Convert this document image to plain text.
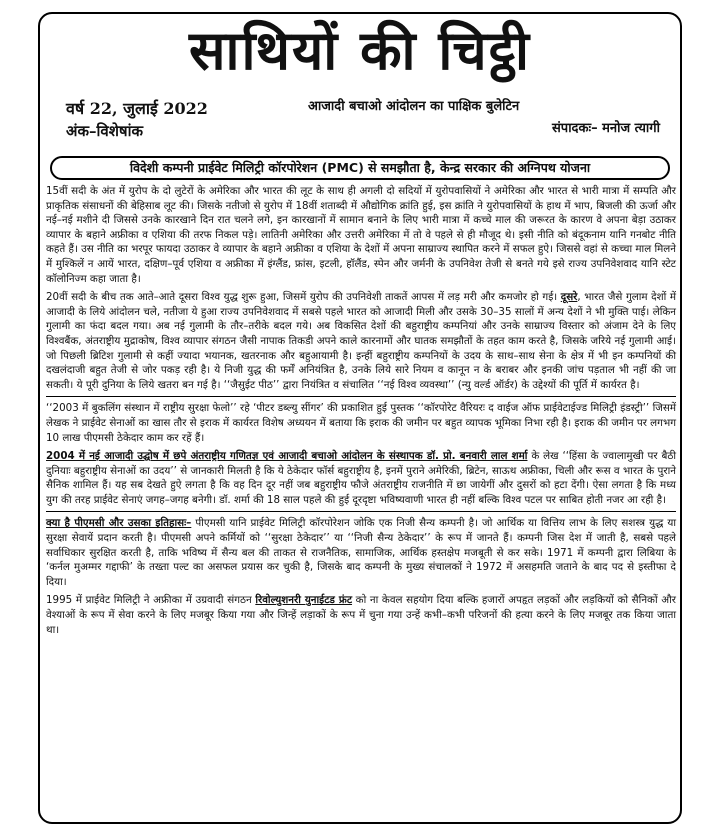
साथियों की चिट्ठी
वर्ष 22, जुलाई 2022
अंक–विशेषांक
आजादी बचाओ आंदोलन का पाक्षिक बुलेटिन
संपादकः– मनोज त्यागी
विदेशी कम्पनी प्राईवेट मिलिट्री कॉरपोरेशन (PMC) से समझौता है, केन्द्र सरकार की अग्निपथ योजना

15वीं सदी के अंत में युरोप के दो लुटेरों के अमेरिका और भारत की लूट के साथ ही अगली दो सदियों में युरोपवासियों ने अमेरिका और भारत से भारी मात्रा में सम्पति और प्राकृतिक संसाधनों की बेहिसाब लूट की। जिसके नतीजो से युरोप में 18वीं शताब्दी में औद्योगिक क्रांति हुई, इस क्रांति ने युरोपवासियों के हाथ में भाप, बिजली की ऊर्जा और नई–नई मशीने दी जिससे उनके कारखाने दिन रात चलने लगे, इन कारखानों में सामान बनाने के लिए भारी मात्रा में कच्चे माल की जरूरत के कारण वे अपना बेड़ा उठाकर व्यापार के बहाने अफ्रीका व एशिया की तरफ निकल पड़े। लातिनी अमेरिका और उत्तरी अमेरिका में तो वे पहले से ही मौजूद थे। इसी नीति को बंदूकनाम यानि गनबोट नीति कहते हैं। उस नीति का भरपूर फायदा उठाकर वे व्यापार के बहाने अफ्रीका व एशिया के देशों में अपना साम्राज्य स्थापित करने में सफल हुऐ। जिससे वहां से कच्चा माल मिलने में मुश्किलें न आयें भारत, दक्षिण–पूर्व एशिया व अफ्रीका में इंग्लैंड, फ्रांस, इटली, हॉलैंड, स्पेन और जर्मनी के उपनिवेश तेजी से बनते गये इसे राज्य उपनिवेशवाद यानि स्टेट कॉलोनिज्म कहा जाता है।

20वीं सदी के बीच तक आते–आते दूसरा विश्व युद्ध शुरू हुआ, जिसमें युरोप की उपनिवेशी ताकतें आपस में लड़ मरी और कमजोर हो गई। दूसरे, भारत जैसे गुलाम देशों में आजादी के लिये आंदोलन चले, नतीजा ये हुआ राज्य उपनिवेशवाद में सबसे पहले भारत को आजादी मिली और उसके 30–35 सालों में अन्य देशों ने भी मुक्ति पाई। लेकिन गुलामी का फंदा बदल गया। अब नई गुलामी के तौर–तरीके बदल गये। अब विकसित देशों की बहुराष्ट्रीय कम्पनियां और उनके साम्राज्य विस्तार को अंजाम देने के लिए विश्वबैंक, अंतराष्ट्रीय मुद्राकोष, विश्व व्यापार संगठन जैसी नापाक तिकडी अपने काले कारनामों और घातक समझौतों के तहत काम करते है, जिसके जरिये नई गुलामी आई। जो पिछली ब्रिटिश गुलामी से कहीं ज्यादा भयानक, खतरनाक और बहुआयामी है। इन्हीं बहुराष्ट्रीय कम्पनियों के उदय के साथ–साथ सेना के क्षेत्र में भी इन कम्पनियों की दखलंदाजी बहुत तेजी से जोर पकड़ रही है। ये निजी युद्ध की फर्में अनियंत्रित है, उनके लिये सारे नियम व कानून न के बराबर और इनकी जांच पड़ताल भी नहीं की जा सकती। ये पूरी दुनिया के लिये खतरा बन गई है। ‘‘जैसुईट पीठ’’ द्वारा नियंत्रित व संचालित ‘‘नई विश्व व्यवस्था’’ (न्यु वर्ल्ड ऑर्डर) के उद्देश्यों की पूर्ति में कार्यरत है।

‘‘2003 में बुकलिंग संस्थान में राष्ट्रीय सुरक्षा फेलो’’ रहे ‘पीटर डब्ल्यु सींगर’ की प्रकाशित हुई पुस्तक ‘‘कॉरपोरेट वैरियरः द वाईज ऑफ प्राईवेटाईज्ड मिलिट्री इंडस्ट्री’’ जिसमें लेखक ने प्राईवेट सेनाओं का खास तौर से इराक में कार्यरत विशेष अध्ययन में बताया कि इराक की जमीन पर बहुत व्यापक भूमिका निभा रही है। इराक की जमीन पर लगभग 10 लाख पीएमसी ठेकेदार काम कर रहें हैं।

2004 में नई आजादी उद्घोष में छपे अंतराष्ट्रीय गणितज्ञ एवं आजादी बचाओ आंदोलन के संस्थापक डॉ. प्रो. बनवारी लाल शर्मा के लेख ‘‘हिंसा के ज्वालामुखी पर बैठी दुनियाः बहुराष्ट्रीय सेनाओं का उदय’’ से जानकारी मिलती है कि ये ठेकेदार फॉर्स बहुराष्ट्रीय है, इनमें पुराने अमेरिकी, ब्रिटेन, साऊथ अफ्रीका, चिली और रूस व भारत के पुराने सैनिक शामिल हैं। यह सब देखते हुऐ लगता है कि वह दिन दूर नहीं जब बहुराष्ट्रीय फौजे अंतराष्ट्रीय राजनीति में छा जायेगीं और दुसरों को हटा देंगी। ऐसा लगता है कि मध्य युग की तरह प्राईवेट सेनाएं जगह–जगह बनेगी। डॉ. शर्मा की 18 साल पहले की हुई दूरदृष्टा भविष्यवाणी भारत ही नहीं बल्कि विश्व पटल पर साबित होती नजर आ रही है।

क्या है पीएमसी और उसका इतिहासः– पीएमसी यानि प्राईवेट मिलिट्री कॉरपोरेशन जोकि एक निजी सैन्य कम्पनी है। जो आर्थिक या वित्तिय लाभ के लिए सशस्त्र युद्ध या सुरक्षा सेवायें प्रदान करती है। पीएमसी अपने कर्मियों को ‘‘सुरक्षा ठेकेदार’’ या ‘‘निजी सैन्य ठेकेदार’’ के रूप में जानते हैं। कम्पनी जिस देश में जाती है, सबसे पहले सर्वाधिकार सुरक्षित करती है, ताकि भविष्य में सैन्य बल की ताकत से राजनैतिक, सामाजिक, आर्थिक हस्तक्षेप मजबूती से कर सके। 1971 में कम्पनी द्वारा लिबिया के ‘कर्नल मुअम्मर गद्दाफी’ के तख्ता पल्ट का असफल प्रयास कर चुकी है, जिसके बाद कम्पनी के मुख्य संचालकों ने 1972 में असहमति जताने के बाद पद से इस्तीफा दे दिया।

1995 में प्राईवेट मिलिट्री ने अफ्रीका में उग्रवादी संगठन रिवोल्युशनरी युनाईटड फ्रंट को ना केवल सहयोग दिया बल्कि हजारों अपहृत लड़कों और लड़कियों को सैनिकों और वेश्याओं के रूप में सेवा करने के लिए मजबूर किया गया और जिन्हें लड़ाकों के रूप में चुना गया उन्हें कभी–कभी परिजनों की हत्या करने के लिए मजबूर तक किया जाता था।
